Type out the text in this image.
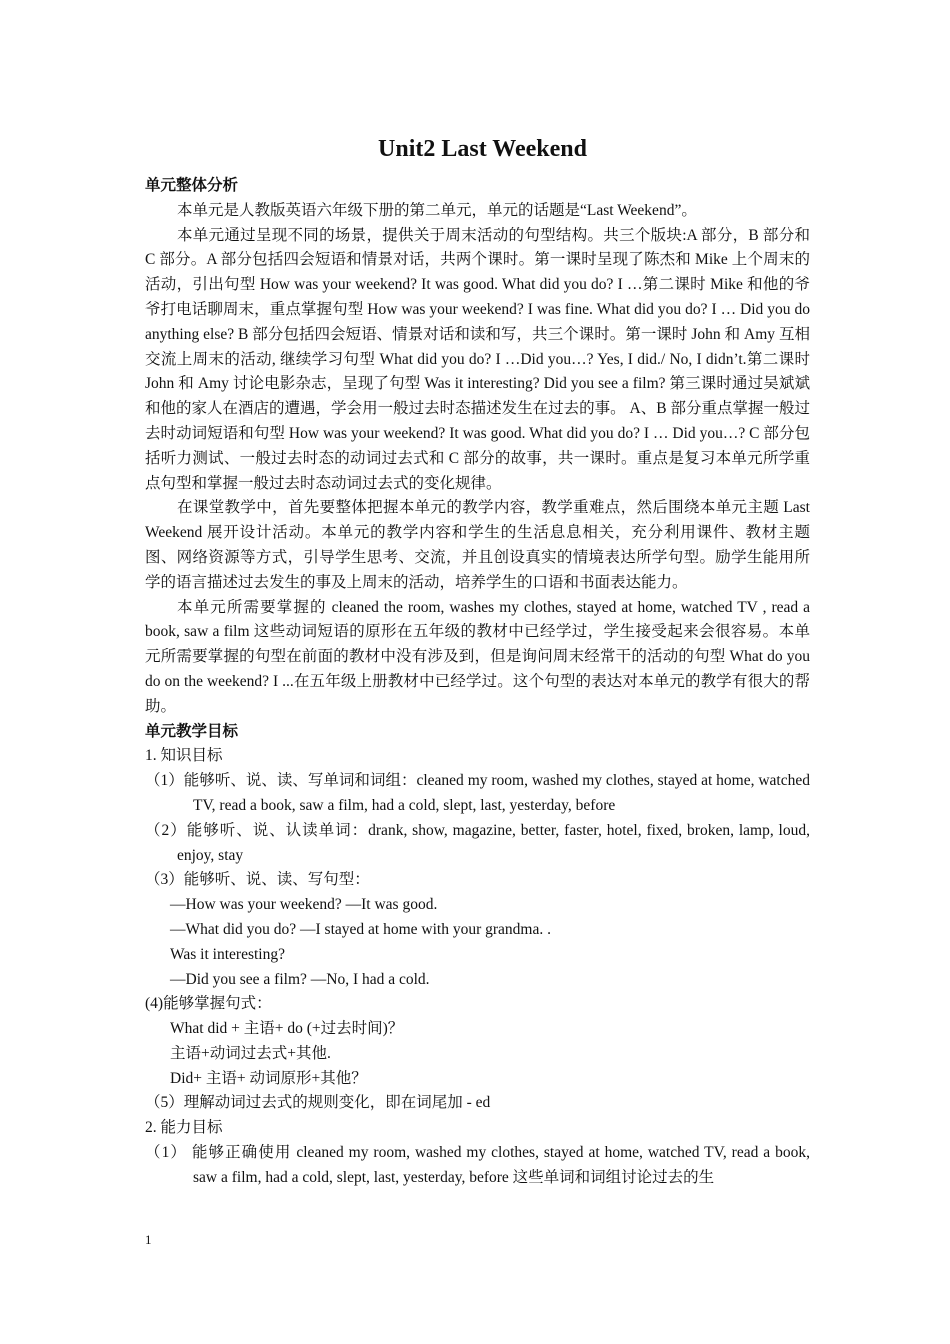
Unit2 Last Weekend

单元整体分析

本单元是人教版英语六年级下册的第二单元，单元的话题是“Last Weekend”。

本单元通过呈现不同的场景，提供关于周末活动的句型结构。共三个版块:A 部分，B 部分和 C 部分。A 部分包括四会短语和情景对话，共两个课时。第一课时呈现了陈杰和 Mike 上个周末的活动，引出句型 How was your weekend? It was good. What did you do? I …第二课时 Mike 和他的爷爷打电话聊周末，重点掌握句型 How was your weekend? I was fine. What did you do? I … Did you do anything else? B 部分包括四会短语、情景对话和读和写，共三个课时。第一课时 John 和 Amy 互相交流上周末的活动, 继续学习句型 What did you do? I …Did you…? Yes, I did./ No, I didn’t.第二课时 John 和 Amy 讨论电影杂志，呈现了句型 Was it interesting? Did you see a film? 第三课时通过吴斌斌和他的家人在酒店的遭遇，学会用一般过去时态描述发生在过去的事。 A、B 部分重点掌握一般过去时动词短语和句型 How was your weekend? It was good. What did you do? I … Did you…? C 部分包括听力测试、一般过去时态的动词过去式和 C 部分的故事，共一课时。重点是复习本单元所学重点句型和掌握一般过去时态动词过去式的变化规律。

在课堂教学中，首先要整体把握本单元的教学内容，教学重难点，然后围绕本单元主题 Last Weekend 展开设计活动。本单元的教学内容和学生的生活息息相关，充分利用课件、教材主题图、网络资源等方式，引导学生思考、交流，并且创设真实的情境表达所学句型。励学生能用所学的语言描述过去发生的事及上周末的活动，培养学生的口语和书面表达能力。

本单元所需要掌握的 cleaned the room, washes my clothes, stayed at home, watched TV , read a book, saw a film 这些动词短语的原形在五年级的教材中已经学过，学生接受起来会很容易。本单元所需要掌握的句型在前面的教材中没有涉及到，但是询问周末经常干的活动的句型 What do you do on the weekend? I ...在五年级上册教材中已经学过。这个句型的表达对本单元的教学有很大的帮助。

单元教学目标

1. 知识目标

（1）能够听、说、读、写单词和词组：cleaned my room, washed my clothes, stayed at home, watched TV, read a book, saw a film, had a cold, slept, last, yesterday, before

（2）能够听、说、认读单词：drank, show, magazine, better, faster, hotel, fixed, broken, lamp, loud, enjoy, stay

（3）能够听、说、读、写句型：

—How was your weekend? —It was good.

—What did you do? —I stayed at home with your grandma. .

Was it interesting?

—Did you see a film? —No, I had a cold.

(4)能够掌握句式：

What did + 主语+ do (+过去时间)？

主语+动词过去式+其他.

Did+ 主语+ 动词原形+其他？

（5）理解动词过去式的规则变化，即在词尾加 - ed

2. 能力目标

（1） 能够正确使用 cleaned my room, washed my clothes, stayed at home, watched TV, read a book, saw a film, had a cold, slept, last, yesterday, before 这些单词和词组讨论过去的生

1
